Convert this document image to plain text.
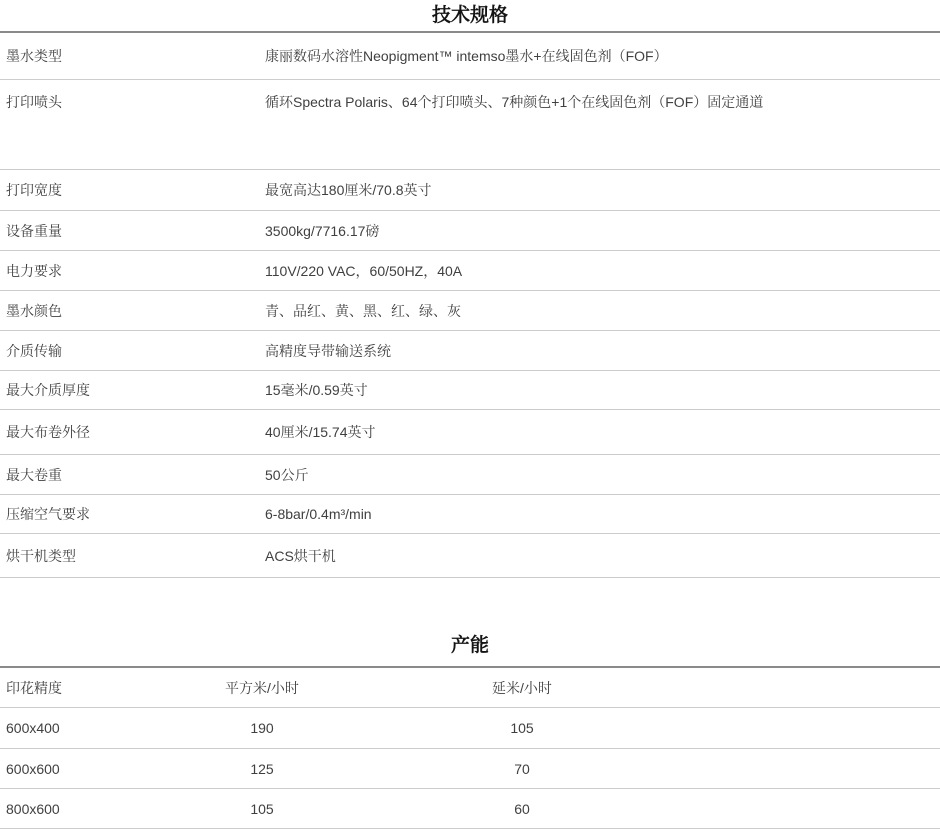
技术规格
墨水类型	康丽数码水溶性Neopigment™ intemso墨水+在线固色剂（FOF）
打印喷头	循环Spectra Polaris、64个打印喷头、7种颜色+1个在线固色剂（FOF）固定通道
打印宽度	最宽高达180厘米/70.8英寸
设备重量	3500kg/7716.17磅
电力要求	110V/220 VAC，60/50HZ，40A
墨水颜色	青、品红、黄、黑、红、绿、灰
介质传输	高精度导带输送系统
最大介质厚度	15毫米/0.59英寸
最大布卷外径	40厘米/15.74英寸
最大卷重	50公斤
压缩空气要求	6-8bar/0.4m³/min
烘干机类型	ACS烘干机
产能
印花精度	平方米/小时	延米/小时
600x400	190	105
600x600	125	70
800x600	105	60
